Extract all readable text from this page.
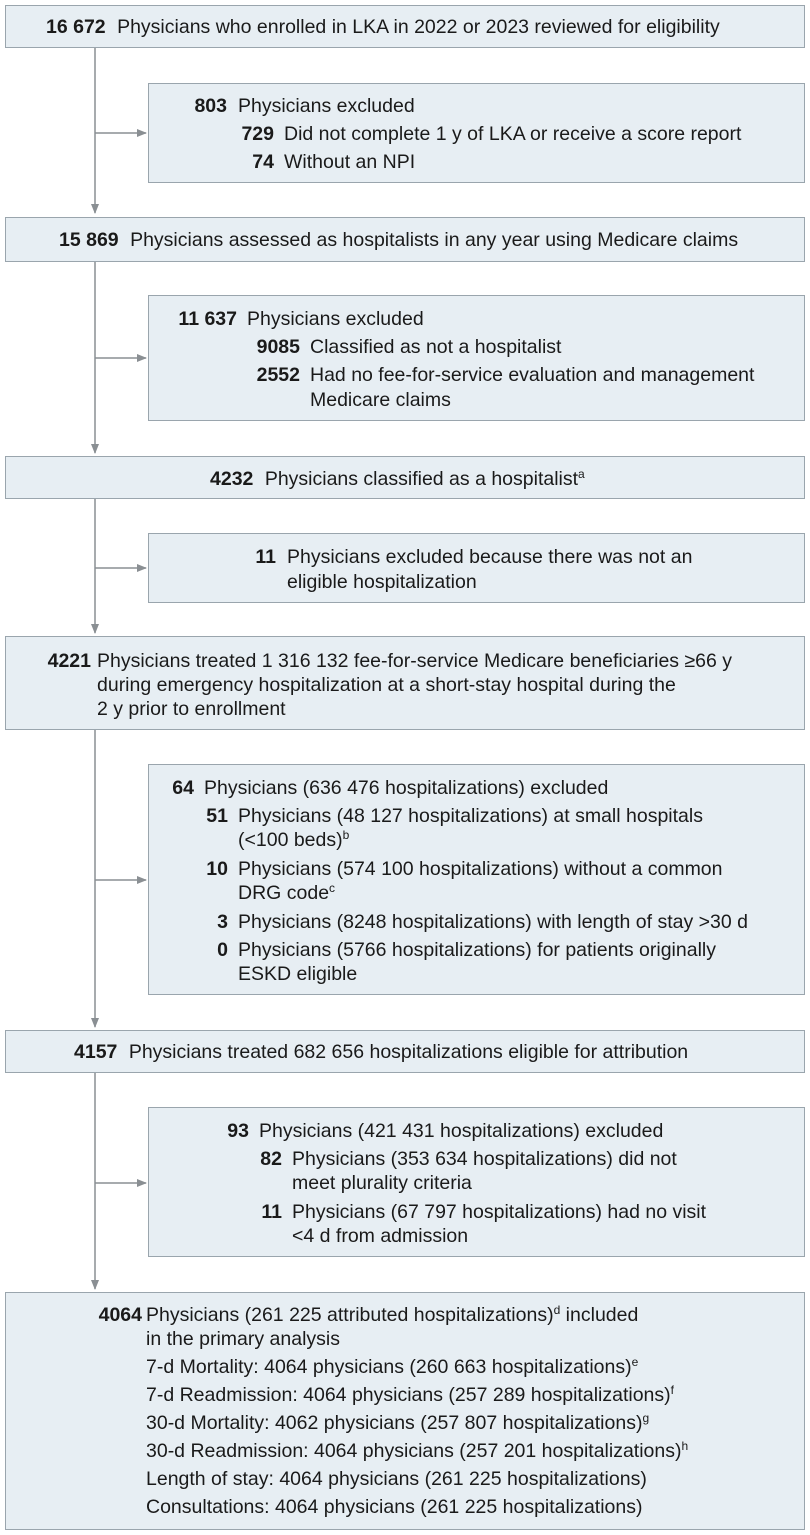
16 672 Physicians who enrolled in LKA in 2022 or 2023 reviewed for eligibility
803 Physicians excluded
729 Did not complete 1 y of LKA or receive a score report
74 Without an NPI
15 869 Physicians assessed as hospitalists in any year using Medicare claims
11 637 Physicians excluded
9085 Classified as not a hospitalist
2552 Had no fee-for-service evaluation and management
Medicare claims
4232 Physicians classified as a hospitalist$^a$
11 Physicians excluded because there was not an
eligible hospitalization
4221 Physicians treated 1 316 132 fee-for-service Medicare beneficiaries ≥66 y
during emergency hospitalization at a short-stay hospital during the
2 y prior to enrollment
64 Physicians (636 476 hospitalizations) excluded
51 Physicians (48 127 hospitalizations) at small hospitals
(<100 beds)$^b$
10 Physicians (574 100 hospitalizations) without a common
DRG code$^c$
3 Physicians (8248 hospitalizations) with length of stay >30 d
0 Physicians (5766 hospitalizations) for patients originally
ESKD eligible
4157 Physicians treated 682 656 hospitalizations eligible for attribution
93 Physicians (421 431 hospitalizations) excluded
82 Physicians (353 634 hospitalizations) did not
meet plurality criteria
11 Physicians (67 797 hospitalizations) had no visit
<4 d from admission
4064 Physicians (261 225 attributed hospitalizations)$^d$ included
in the primary analysis
7-d Mortality: 4064 physicians (260 663 hospitalizations)$^e$
7-d Readmission: 4064 physicians (257 289 hospitalizations)$^f$
30-d Mortality: 4062 physicians (257 807 hospitalizations)$^g$
30-d Readmission: 4064 physicians (257 201 hospitalizations)$^h$
Length of stay: 4064 physicians (261 225 hospitalizations)
Consultations: 4064 physicians (261 225 hospitalizations)
